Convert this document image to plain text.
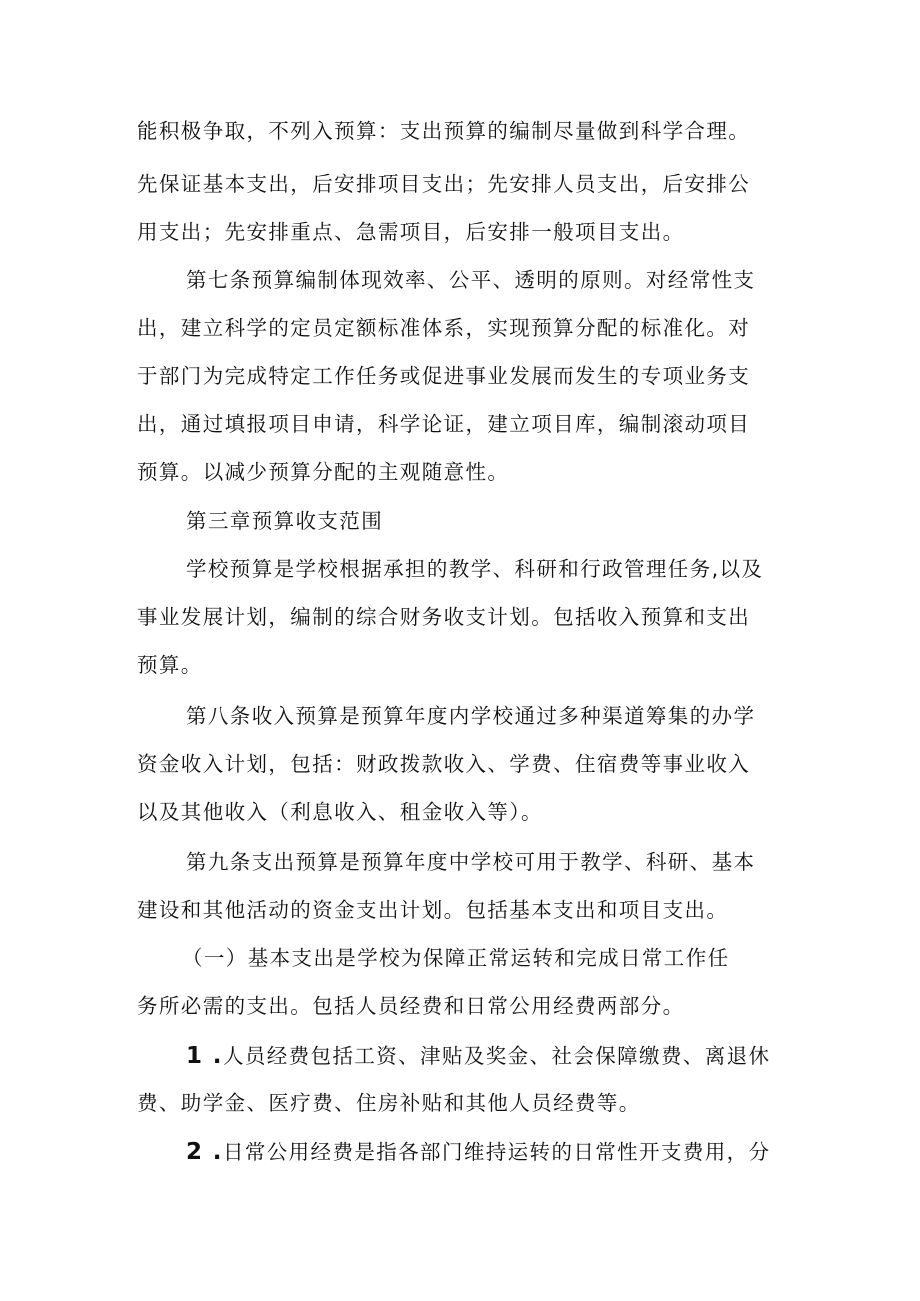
能积极争取，不列入预算：支出预算的编制尽量做到科学合理。
先保证基本支出，后安排项目支出；先安排人员支出，后安排公
用支出；先安排重点、急需项目，后安排一般项目支出。
第七条预算编制体现效率、公平、透明的原则。对经常性支
出，建立科学的定员定额标准体系，实现预算分配的标准化。对
于部门为完成特定工作任务或促进事业发展而发生的专项业务支
出，通过填报项目申请，科学论证，建立项目库，编制滚动项目
预算。以减少预算分配的主观随意性。
第三章预算收支范围
学校预算是学校根据承担的教学、科研和行政管理任务,以及
事业发展计划，编制的综合财务收支计划。包括收入预算和支出
预算。
第八条收入预算是预算年度内学校通过多种渠道筹集的办学
资金收入计划，包括：财政拨款收入、学费、住宿费等事业收入
以及其他收入（利息收入、租金收入等）。
第九条支出预算是预算年度中学校可用于教学、科研、基本
建设和其他活动的资金支出计划。包括基本支出和项目支出。
（一）基本支出是学校为保障正常运转和完成日常工作任
务所必需的支出。包括人员经费和日常公用经费两部分。
1 .人员经费包括工资、津贴及奖金、社会保障缴费、离退休
费、助学金、医疗费、住房补贴和其他人员经费等。
2 .日常公用经费是指各部门维持运转的日常性开支费用，分
